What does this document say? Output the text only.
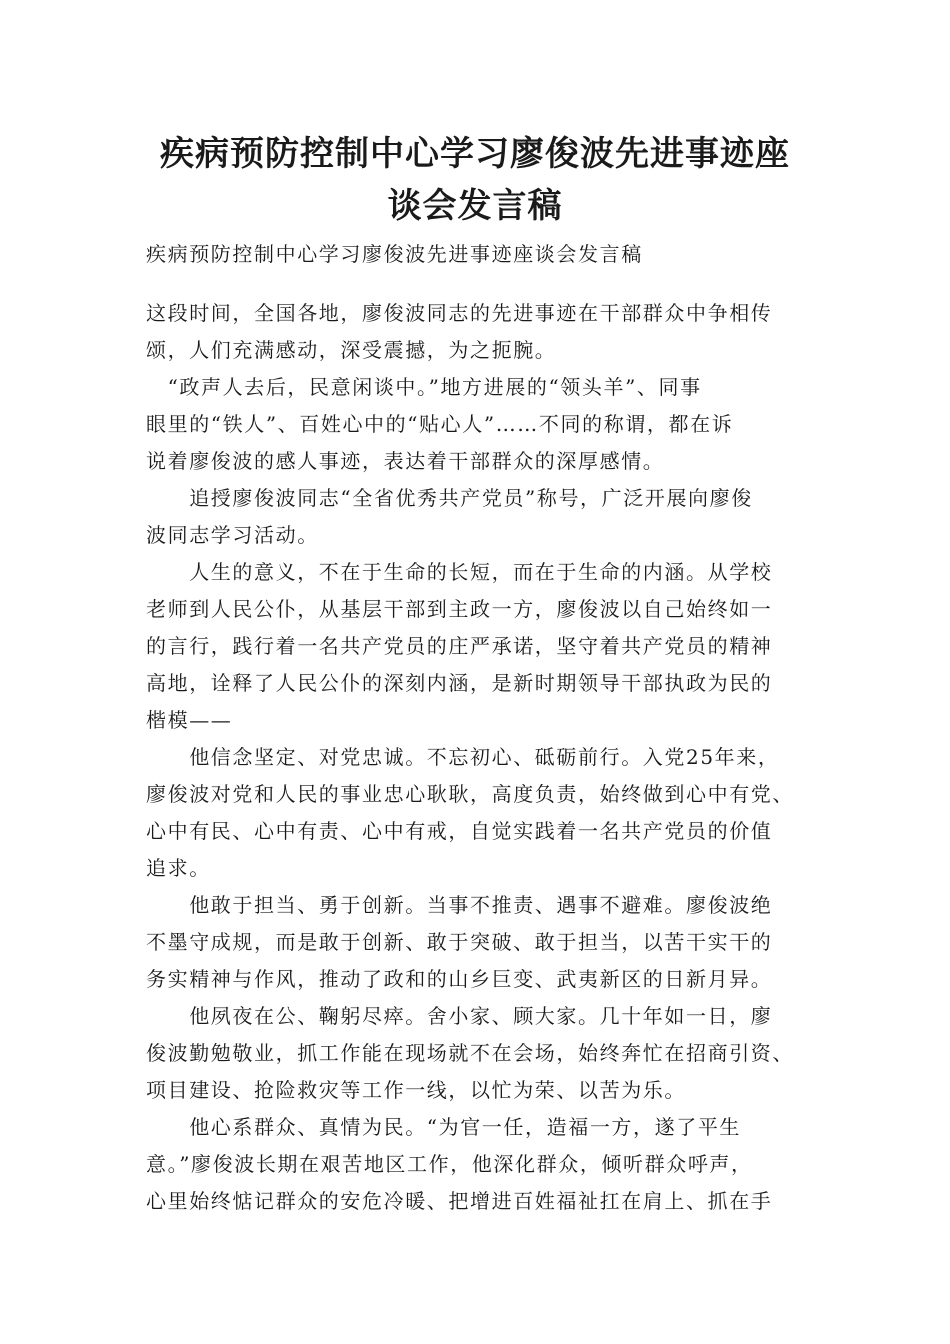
疾病预防控制中心学习廖俊波先进事迹座
谈会发言稿

疾病预防控制中心学习廖俊波先进事迹座谈会发言稿

这段时间，全国各地，廖俊波同志的先进事迹在干部群众中争相传

颂，人们充满感动，深受震撼，为之扼腕。

　“政声人去后，民意闲谈中。”地方进展的“领头羊”、同事

眼里的“铁人”、百姓心中的“贴心人”……不同的称谓，都在诉

说着廖俊波的感人事迹，表达着干部群众的深厚感情。

　　追授廖俊波同志“全省优秀共产党员”称号，广泛开展向廖俊

波同志学习活动。

　　人生的意义，不在于生命的长短，而在于生命的内涵。从学校

老师到人民公仆，从基层干部到主政一方，廖俊波以自己始终如一

的言行，践行着一名共产党员的庄严承诺，坚守着共产党员的精神

高地，诠释了人民公仆的深刻内涵，是新时期领导干部执政为民的

楷模——

　　他信念坚定、对党忠诚。不忘初心、砥砺前行。入党25年来，

廖俊波对党和人民的事业忠心耿耿，高度负责，始终做到心中有党、

心中有民、心中有责、心中有戒，自觉实践着一名共产党员的价值

追求。

　　他敢于担当、勇于创新。当事不推责、遇事不避难。廖俊波绝

不墨守成规，而是敢于创新、敢于突破、敢于担当，以苦干实干的

务实精神与作风，推动了政和的山乡巨变、武夷新区的日新月异。

　　他夙夜在公、鞠躬尽瘁。舍小家、顾大家。几十年如一日，廖

俊波勤勉敬业，抓工作能在现场就不在会场，始终奔忙在招商引资、

项目建设、抢险救灾等工作一线，以忙为荣、以苦为乐。

　　他心系群众、真情为民。“为官一任，造福一方，遂了平生

意。”廖俊波长期在艰苦地区工作，他深化群众，倾听群众呼声，

心里始终惦记群众的安危冷暖、把增进百姓福祉扛在肩上、抓在手
